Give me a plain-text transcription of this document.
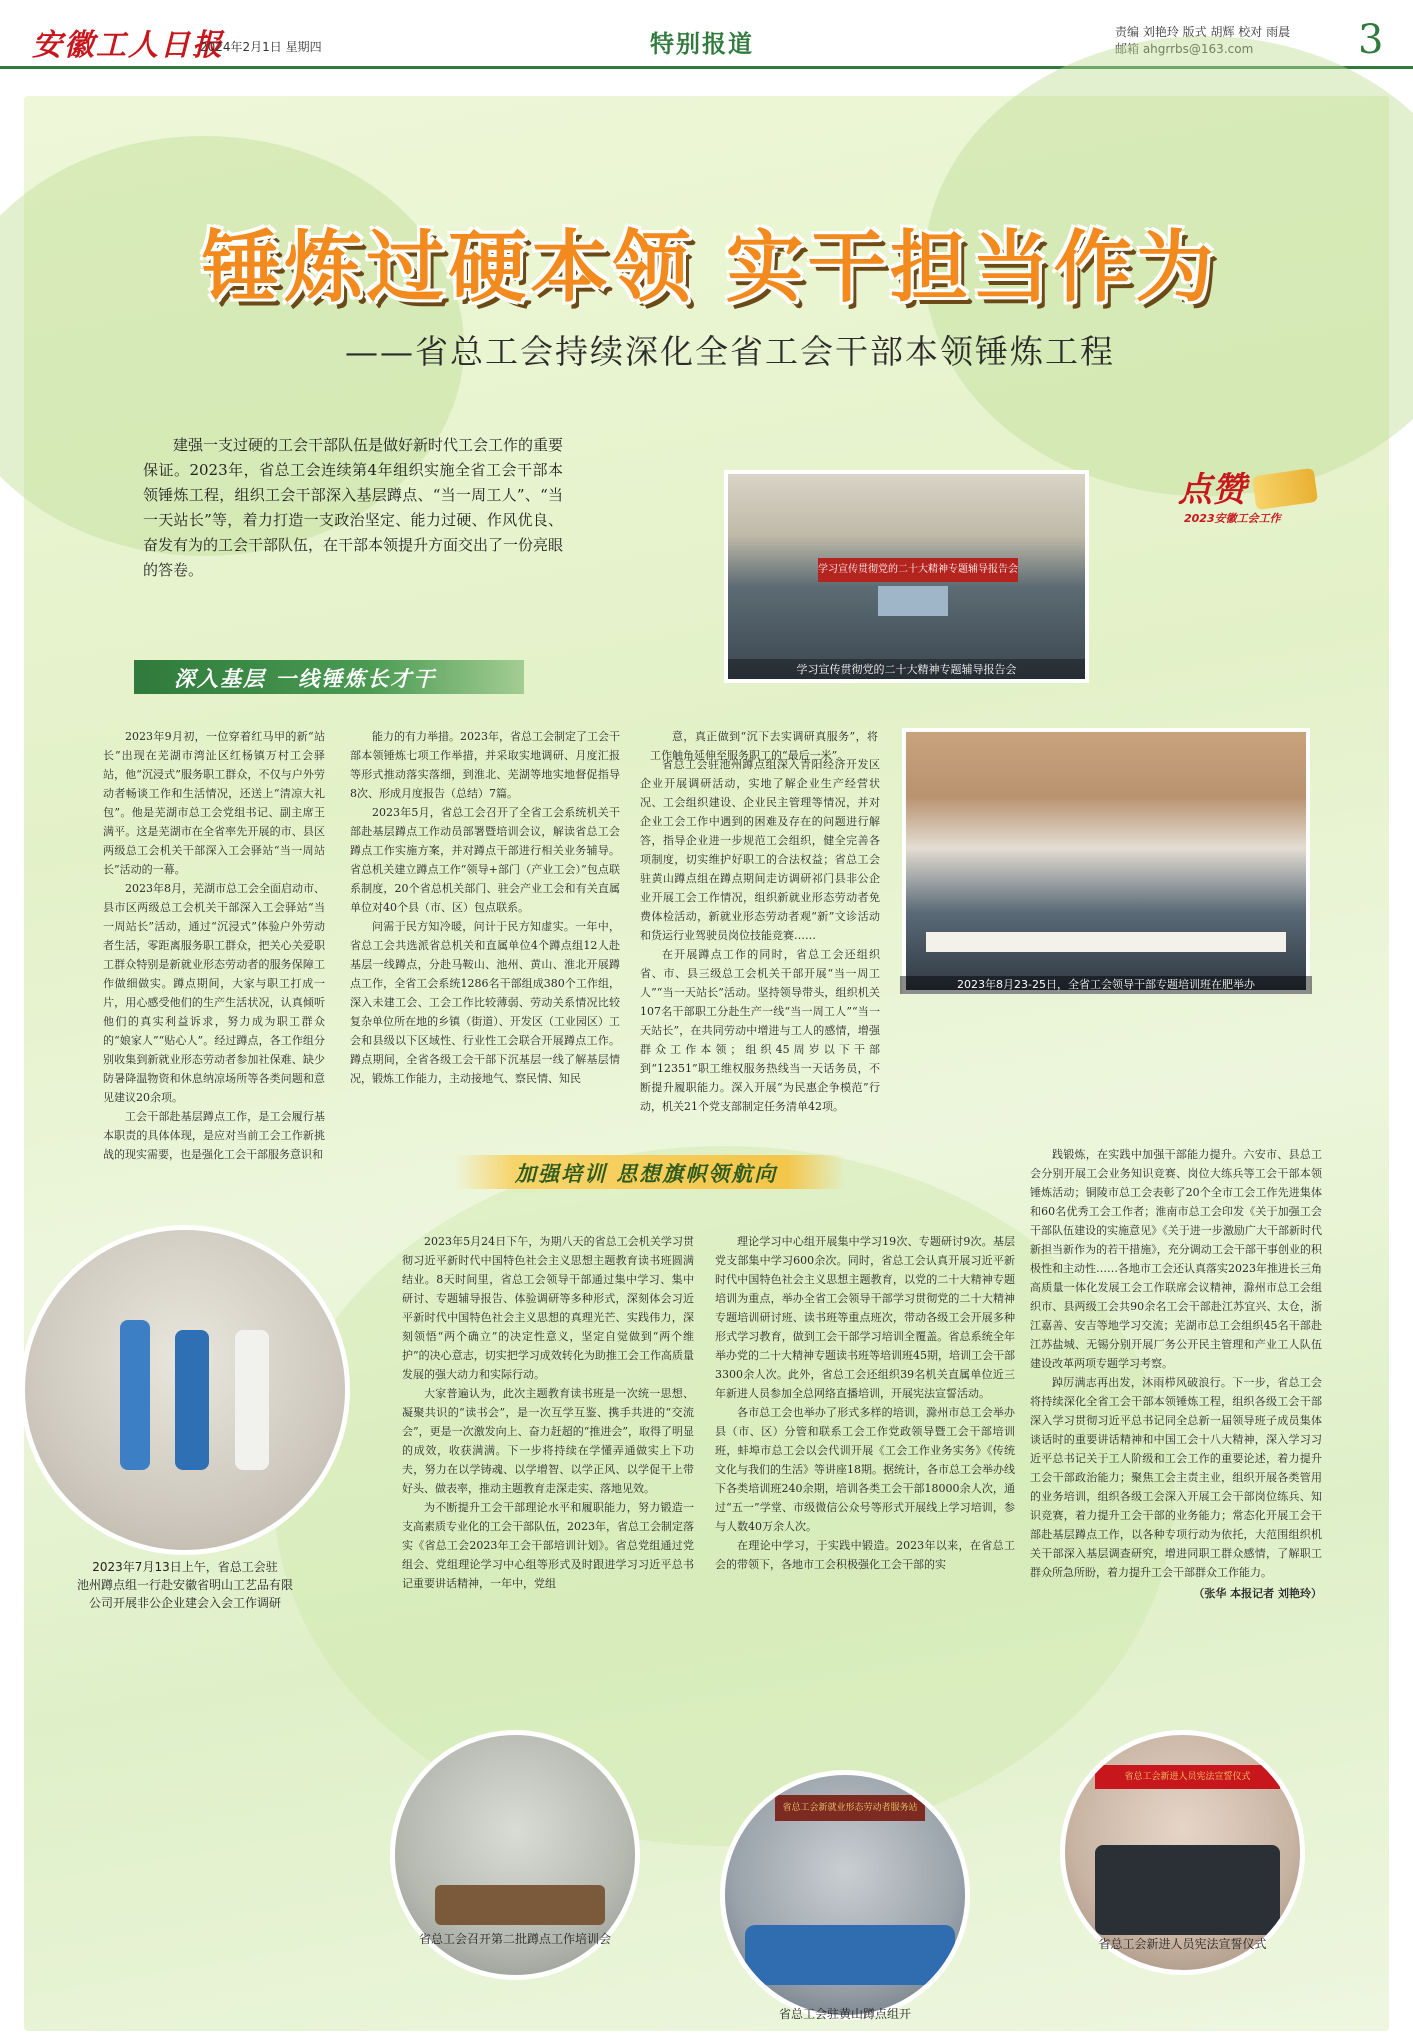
安徽工人日报
2024年2月1日 星期四	特别报道	责编 刘艳玲 版式 胡辉 校对 雨晨
邮箱 ahgrrbs@163.com	3
锤炼过硬本领 实干担当作为
——省总工会持续深化全省工会干部本领锤炼工程
建强一支过硬的工会干部队伍是做好新时代工会工作的重要保证。2023年，省总工会连续第4年组织实施全省工会干部本领锤炼工程，组织工会干部深入基层蹲点、“当一周工人”、“当一天站长”等，着力打造一支政治坚定、能力过硬、作风优良、奋发有为的工会干部队伍，在干部本领提升方面交出了一份亮眼的答卷。	学习宣传贯彻党的二十大精神专题辅导报告会
学习宣传贯彻党的二十大精神专题辅导报告会
点赞
2023安徽工会工作
深入基层 一线锤炼长才干

2023年9月初，一位穿着红马甲的新“站长”出现在芜湖市湾沚区红杨镇万村工会驿站，他“沉浸式”服务职工群众，不仅与户外劳动者畅谈工作和生活情况，还送上“清凉大礼包”。他是芜湖市总工会党组书记、副主席王满平。这是芜湖市在全省率先开展的市、县区两级总工会机关干部深入工会驿站“当一周站长”活动的一幕。

2023年8月，芜湖市总工会全面启动市、县市区两级总工会机关干部深入工会驿站“当一周站长”活动，通过“沉浸式”体验户外劳动者生活，零距离服务职工群众，把关心关爱职工群众特别是新就业形态劳动者的服务保障工作做细做实。蹲点期间，大家与职工打成一片，用心感受他们的生产生活状况，认真倾听他们的真实利益诉求，努力成为职工群众的“娘家人”“贴心人”。经过蹲点，各工作组分别收集到新就业形态劳动者参加社保难、缺少防暑降温物资和休息纳凉场所等各类问题和意见建议20余项。

工会干部赴基层蹲点工作，是工会履行基本职责的具体体现，是应对当前工会工作新挑战的现实需要，也是强化工会干部服务意识和

能力的有力举措。2023年，省总工会制定了工会干部本领锤炼七项工作举措，并采取实地调研、月度汇报等形式推动落实落细，到淮北、芜湖等地实地督促指导8次、形成月度报告（总结）7篇。

2023年5月，省总工会召开了全省工会系统机关干部赴基层蹲点工作动员部署暨培训会议，解读省总工会蹲点工作实施方案，并对蹲点干部进行相关业务辅导。省总机关建立蹲点工作“领导+部门（产业工会）”包点联系制度，20个省总机关部门、驻会产业工会和有关直属单位对40个县（市、区）包点联系。

问需于民方知冷暖，问计于民方知虚实。一年中，省总工会共选派省总机关和直属单位4个蹲点组12人赴基层一线蹲点，分赴马鞍山、池州、黄山、淮北开展蹲点工作，全省工会系统1286名干部组成380个工作组，深入未建工会、工会工作比较薄弱、劳动关系情况比较复杂单位所在地的乡镇（街道）、开发区（工业园区）工会和县级以下区域性、行业性工会联合开展蹲点工作。蹲点期间，全省各级工会干部下沉基层一线了解基层情况，锻炼工作能力，主动接地气、察民情、知民

意，真正做到“沉下去实调研真服务”，将工作触角延伸至服务职工的“最后一米”。

2023年8月23-25日，全省工会领导干部专题培训班在肥举办

省总工会驻池州蹲点组深入青阳经济开发区企业开展调研活动，实地了解企业生产经营状况、工会组织建设、企业民主管理等情况，并对企业工会工作中遇到的困难及存在的问题进行解答，指导企业进一步规范工会组织，健全完善各项制度，切实维护好职工的合法权益；省总工会驻黄山蹲点组在蹲点期间走访调研祁门县非公企业开展工会工作情况，组织新就业形态劳动者免费体检活动，新就业形态劳动者观“新”文诊活动和货运行业驾驶员岗位技能竞赛……

在开展蹲点工作的同时，省总工会还组织省、市、县三级总工会机关干部开展“当一周工人”“当一天站长”活动。坚持领导带头，组织机关107名干部职工分赴生产一线“当一周工人”“当一天站长”，在共同劳动中增进与工人的感情，增强群众工作本领；组织45周岁以下干部到“12351”职工维权服务热线当一天话务员，不断提升履职能力。深入开展“为民惠企争模范”行动，机关21个党支部制定任务清单42项。

加强培训 思想旗帜领航向
2023年7月13日上午，省总工会驻
池州蹲点组一行赴安徽省明山工艺品有限
公司开展非公企业建会入会工作调研

2023年5月24日下午，为期八天的省总工会机关学习贯彻习近平新时代中国特色社会主义思想主题教育读书班圆满结业。8天时间里，省总工会领导干部通过集中学习、集中研讨、专题辅导报告、体验调研等多种形式，深刻体会习近平新时代中国特色社会主义思想的真理光芒、实践伟力，深刻领悟“两个确立”的决定性意义，坚定自觉做到“两个维护”的决心意志，切实把学习成效转化为助推工会工作高质量发展的强大动力和实际行动。

大家普遍认为，此次主题教育读书班是一次统一思想、凝聚共识的“读书会”，是一次互学互鉴、携手共进的“交流会”，更是一次激发向上、奋力赶超的“推进会”，取得了明显的成效，收获满满。下一步将持续在学懂弄通做实上下功夫，努力在以学铸魂、以学增智、以学正风、以学促干上带好头、做表率，推动主题教育走深走实、落地见效。

为不断提升工会干部理论水平和履职能力，努力锻造一支高素质专业化的工会干部队伍，2023年，省总工会制定落实《省总工会2023年工会干部培训计划》。省总党组通过党组会、党组理论学习中心组等形式及时跟进学习习近平总书记重要讲话精神，一年中，党组

理论学习中心组开展集中学习19次、专题研讨9次。基层党支部集中学习600余次。同时，省总工会认真开展习近平新时代中国特色社会主义思想主题教育，以党的二十大精神专题培训为重点，举办全省工会领导干部学习贯彻党的二十大精神专题培训研讨班、读书班等重点班次，带动各级工会开展多种形式学习教育，做到工会干部学习培训全覆盖。省总系统全年举办党的二十大精神专题读书班等培训班45期，培训工会干部3300余人次。此外，省总工会还组织39名机关直属单位近三年新进人员参加全总网络直播培训，开展宪法宣誓活动。

各市总工会也举办了形式多样的培训，滁州市总工会举办县（市、区）分管和联系工会工作党政领导暨工会干部培训班，蚌埠市总工会以会代训开展《工会工作业务实务》《传统文化与我们的生活》等讲座18期。据统计，各市总工会举办线下各类培训班240余期，培训各类工会干部18000余人次，通过“五一”学堂、市级微信公众号等形式开展线上学习培训，参与人数40万余人次。

在理论中学习，于实践中锻造。2023年以来，在省总工会的带领下，各地市工会积极强化工会干部的实

践锻炼，在实践中加强干部能力提升。六安市、县总工会分别开展工会业务知识竞赛、岗位大练兵等工会干部本领锤炼活动；铜陵市总工会表彰了20个全市工会工作先进集体和60名优秀工会工作者；淮南市总工会印发《关于加强工会干部队伍建设的实施意见》《关于进一步激励广大干部新时代新担当新作为的若干措施》，充分调动工会干部干事创业的积极性和主动性……各地市工会还认真落实2023年推进长三角高质量一体化发展工会工作联席会议精神，滁州市总工会组织市、县两级工会共90余名工会干部赴江苏宜兴、太仓，浙江嘉善、安吉等地学习交流；芜湖市总工会组织45名干部赴江苏盐城、无锡分别开展厂务公开民主管理和产业工人队伍建设改革两项专题学习考察。

踔厉满志再出发，沐雨栉风破浪行。下一步，省总工会将持续深化全省工会干部本领锤炼工程，组织各级工会干部深入学习贯彻习近平总书记同全总新一届领导班子成员集体谈话时的重要讲话精神和中国工会十八大精神，深入学习习近平总书记关于工人阶级和工会工作的重要论述，着力提升工会干部政治能力；聚焦工会主责主业，组织开展各类管用的业务培训，组织各级工会深入开展工会干部岗位练兵、知识竞赛，着力提升工会干部的业务能力；常态化开展工会干部赴基层蹲点工作，以各种专项行动为依托，大范围组织机关干部深入基层调查研究，增进同职工群众感情，了解职工群众所急所盼，着力提升工会干部群众工作能力。

（张华 本报记者 刘艳玲）
省总工会召开第二批蹲点工作培训会
省总工会新就业形态劳动者服务站
省总工会驻黄山蹲点组开
省总工会新进人员宪法宣誓仪式
省总工会新进人员宪法宣誓仪式
